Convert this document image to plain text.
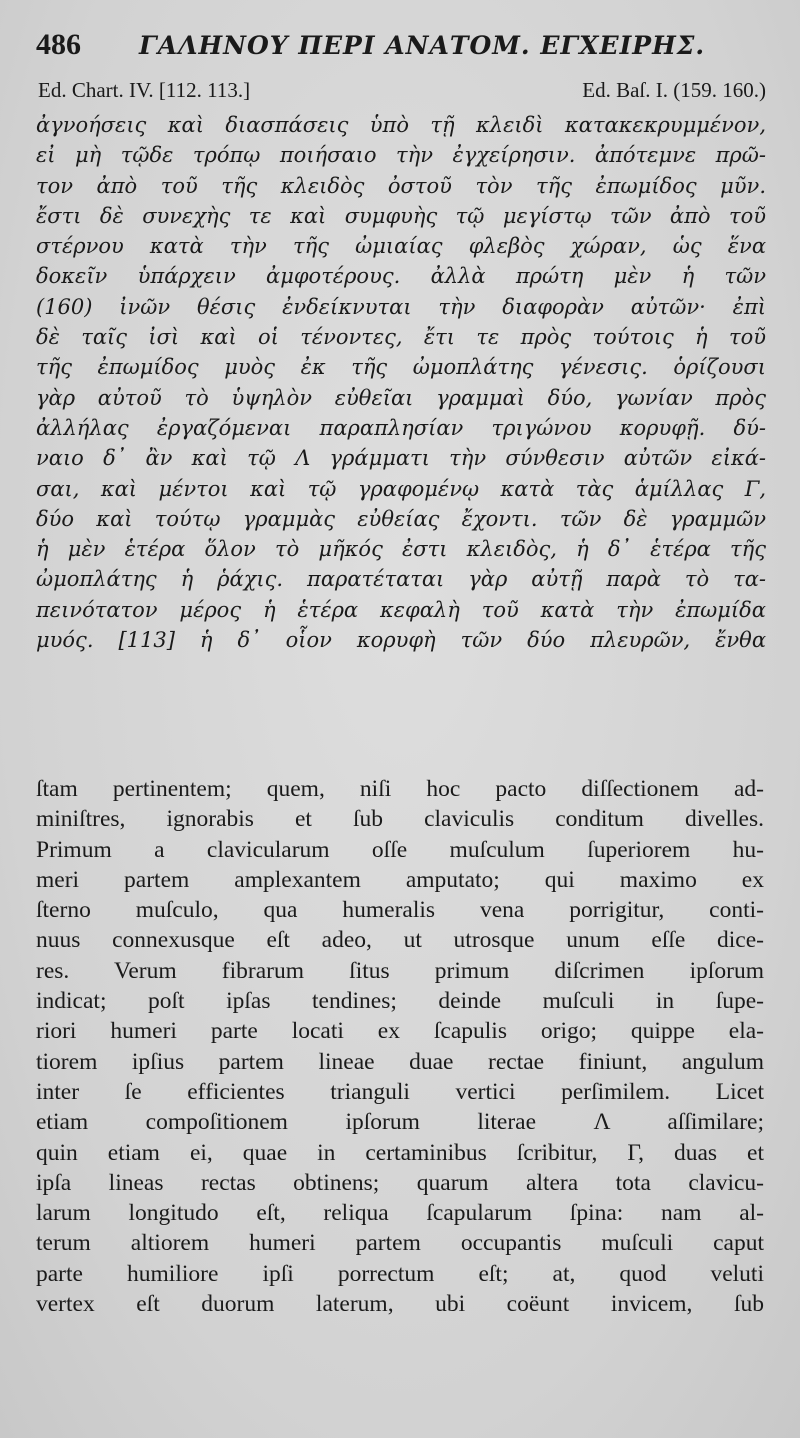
486 ΓΑΛΗΝΟΥ ΠΕΡΙ ΑΝΑΤΟΜ. ΕΓΧΕΙΡΗΣ.
Ed. Chart. IV. [112. 113.]	Ed. Baſ. I. (159. 160.)
ἀγνοήσεις καὶ διασπάσεις ὑπὸ τῇ κλειδὶ κατακεκρυμμένον,
εἰ μὴ τῷδε τρόπῳ ποιήσαιο τὴν ἐγχείρησιν. ἀπότεμνε πρῶ-
τον ἀπὸ τοῦ τῆς κλειδὸς ὀστοῦ τὸν τῆς ἐπωμίδος μῦν.
ἔστι δὲ συνεχὴς τε καὶ συμφυὴς τῷ μεγίστῳ τῶν ἀπὸ τοῦ
στέρνου κατὰ τὴν τῆς ὠμιαίας φλεβὸς χώραν, ὡς ἕνα
δοκεῖν ὑπάρχειν ἀμφοτέρους. ἀλλὰ πρώτη μὲν ἡ τῶν
(160) ἰνῶν θέσις ἐνδείκνυται τὴν διαφορὰν αὐτῶν· ἐπὶ
δὲ ταῖς ἰσὶ καὶ οἱ τένοντες, ἔτι τε πρὸς τούτοις ἡ τοῦ
τῆς ἐπωμίδος μυὸς ἐκ τῆς ὠμοπλάτης γένεσις. ὁρίζουσι
γὰρ αὐτοῦ τὸ ὑψηλὸν εὐθεῖαι γραμμαὶ δύο, γωνίαν πρὸς
ἀλλήλας ἐργαζόμεναι παραπλησίαν τριγώνου κορυφῇ. δύ-
ναιο δ᾽ ἂν καὶ τῷ Λ γράμματι τὴν σύνθεσιν αὐτῶν εἰκά-
σαι, καὶ μέντοι καὶ τῷ γραφομένῳ κατὰ τὰς ἁμίλλας Γ,
δύο καὶ τούτῳ γραμμὰς εὐθείας ἔχοντι. τῶν δὲ γραμμῶν
ἡ μὲν ἑτέρα ὅλον τὸ μῆκός ἐστι κλειδὸς, ἡ δ᾽ ἑτέρα τῆς
ὠμοπλάτης ἡ ῥάχις. παρατέταται γὰρ αὐτῇ παρὰ τὸ τα-
πεινότατον μέρος ἡ ἑτέρα κεφαλὴ τοῦ κατὰ τὴν ἐπωμίδα
μυός. [113] ἡ δ᾽ οἷον κορυφὴ τῶν δύο πλευρῶν, ἔνθα
ſtam pertinentem; quem, niſi hoc pacto diſſectionem ad-
miniſtres, ignorabis et ſub claviculis conditum divelles.
Primum a clavicularum oſſe muſculum ſuperiorem hu-
meri partem amplexantem amputato; qui maximo ex
ſterno muſculo, qua humeralis vena porrigitur, conti-
nuus connexusque eſt adeo, ut utrosque unum eſſe dice-
res. Verum fibrarum ſitus primum diſcrimen ipſorum
indicat; poſt ipſas tendines; deinde muſculi in ſupe-
riori humeri parte locati ex ſcapulis origo; quippe ela-
tiorem ipſius partem lineae duae rectae finiunt, angulum
inter ſe efficientes trianguli vertici perſimilem. Licet
etiam compoſitionem ipſorum literae Λ aſſimilare;
quin etiam ei, quae in certaminibus ſcribitur, Γ, duas et
ipſa lineas rectas obtinens; quarum altera tota clavicu-
larum longitudo eſt, reliqua ſcapularum ſpina: nam al-
terum altiorem humeri partem occupantis muſculi caput
parte humiliore ipſi porrectum eſt; at, quod veluti
vertex eſt duorum laterum, ubi coëunt invicem, ſub
